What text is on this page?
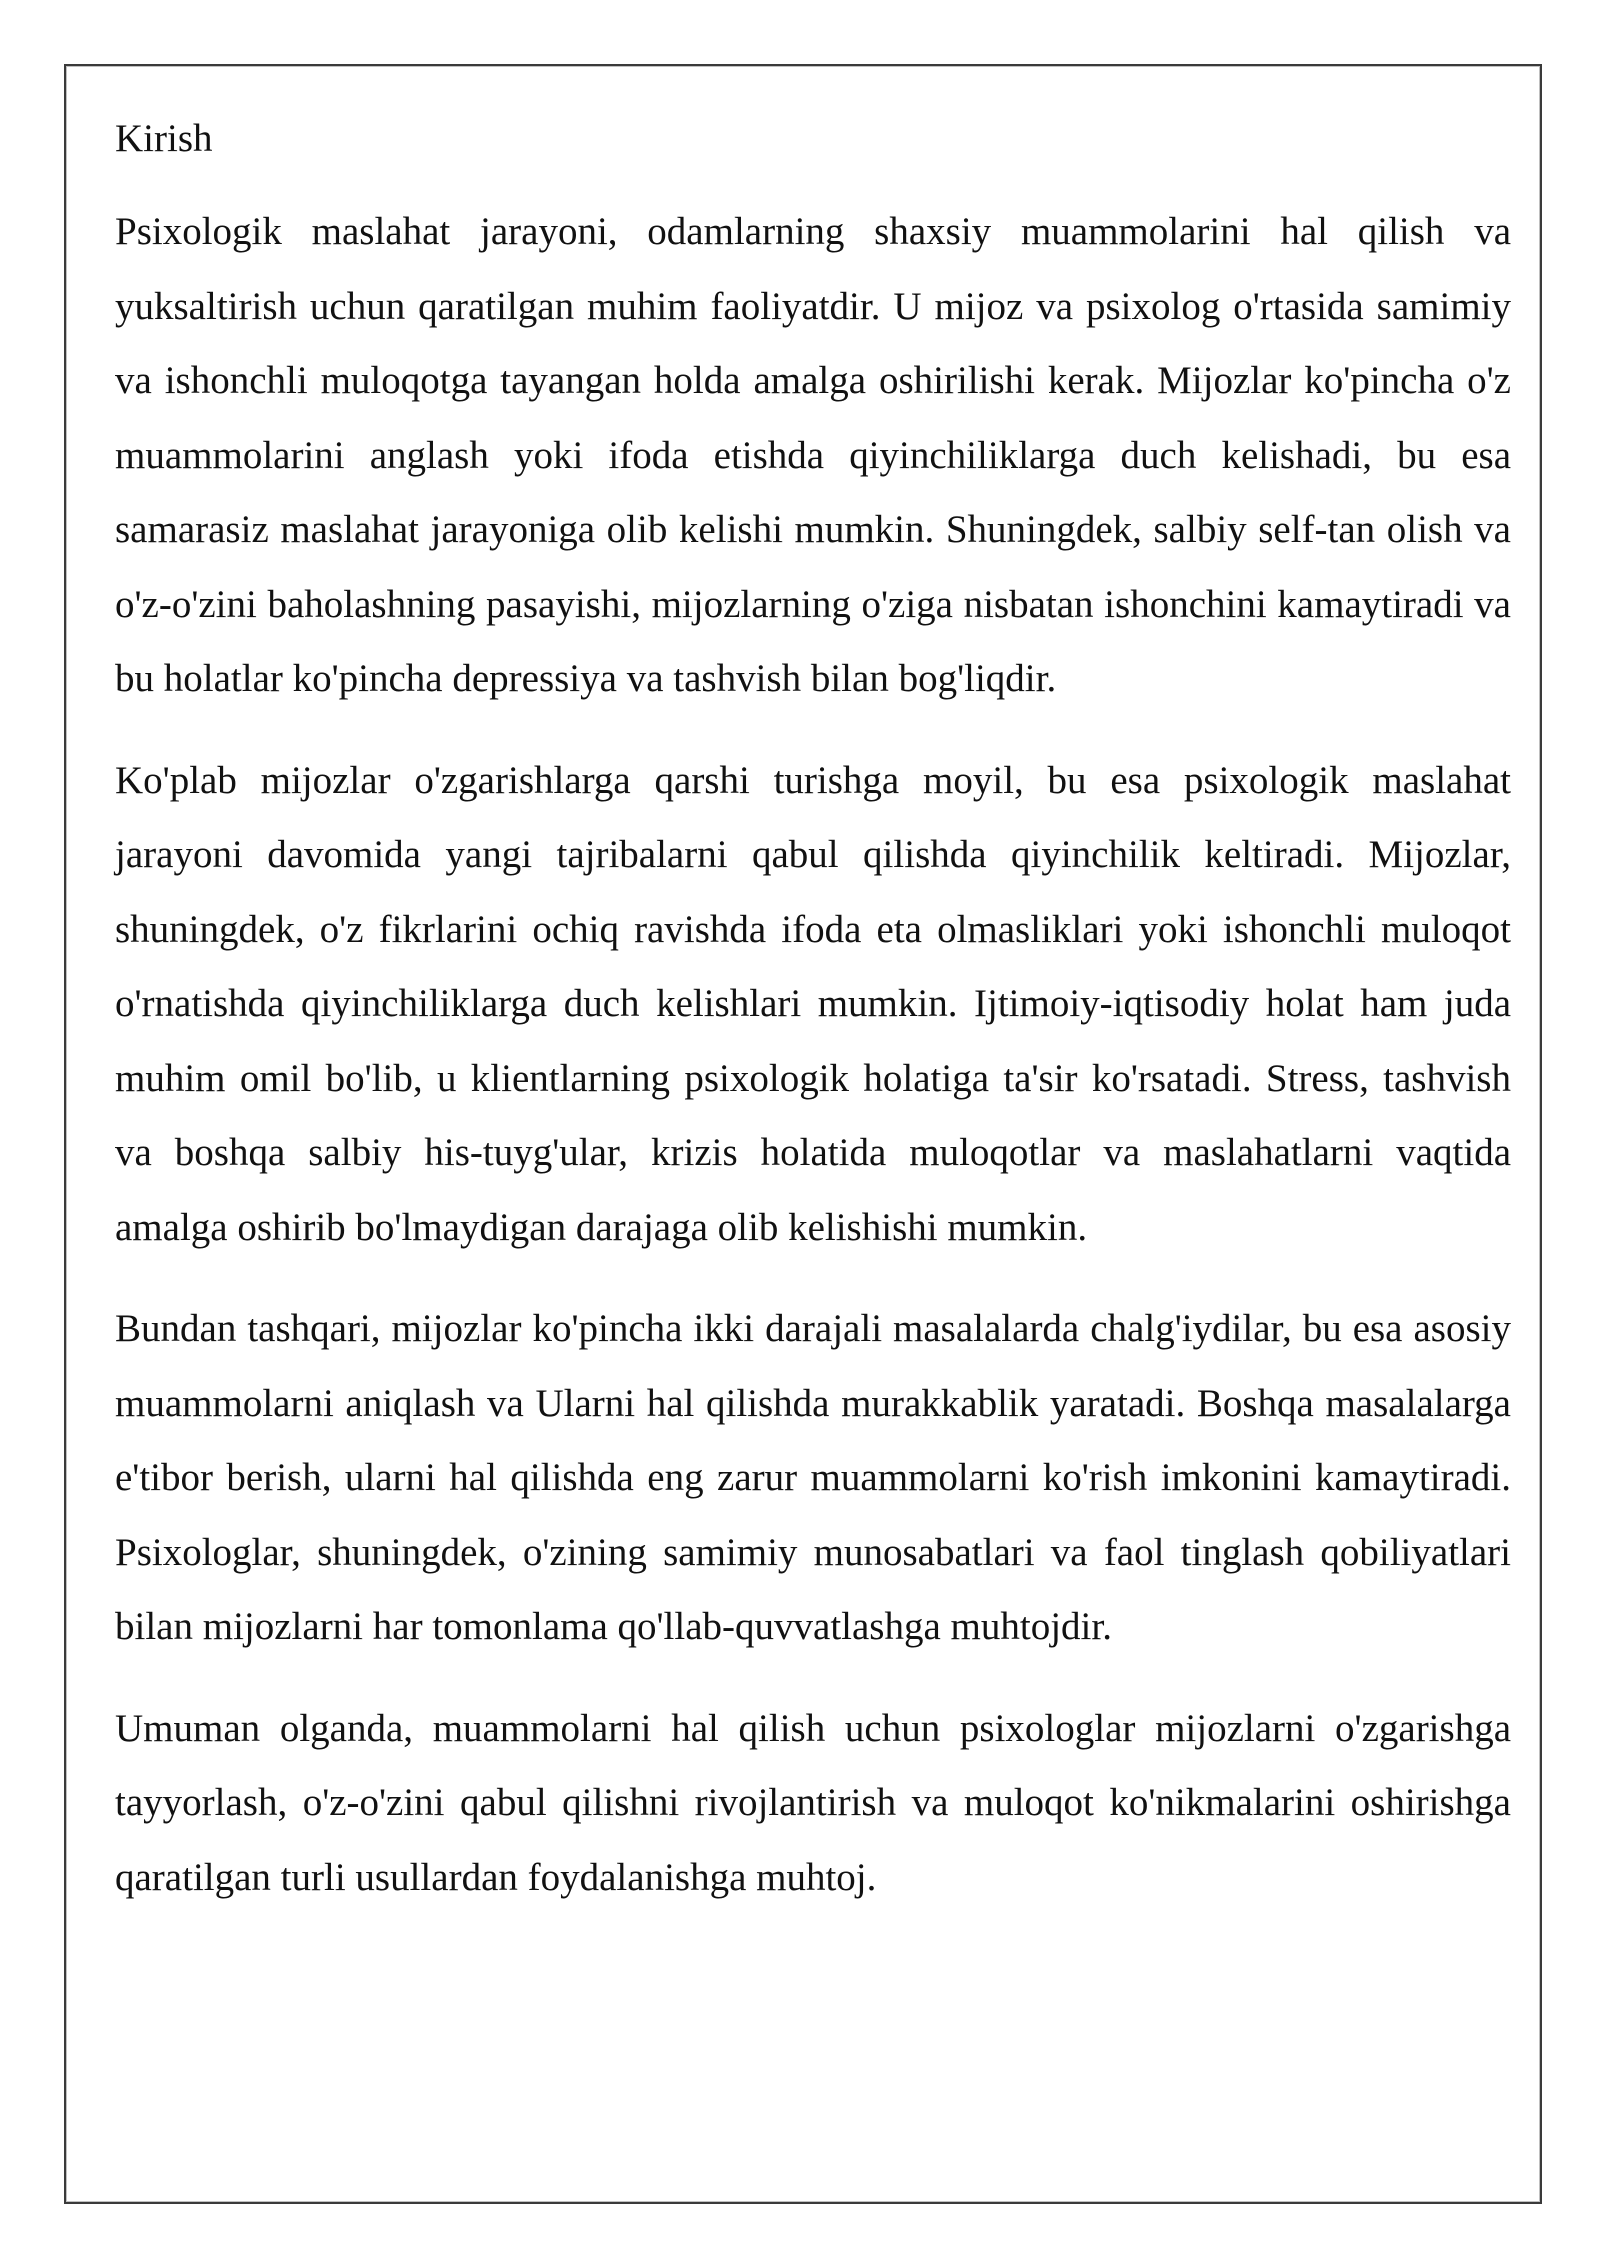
Kirish

Psixologik maslahat jarayoni, odamlarning shaxsiy muammolarini hal qilish va yuksaltirish uchun qaratilgan muhim faoliyatdir. U mijoz va psixolog o'rtasida samimiy va ishonchli muloqotga tayangan holda amalga oshirilishi kerak. Mijozlar ko'pincha o'z muammolarini anglash yoki ifoda etishda qiyinchiliklarga duch kelishadi, bu esa samarasiz maslahat jarayoniga olib kelishi mumkin. Shuningdek, salbiy self-tan olish va o'z-o'zini baholashning pasayishi, mijozlarning o'ziga nisbatan ishonchini kamaytiradi va bu holatlar ko'pincha depressiya va tashvish bilan bog'liqdir.

Ko'plab mijozlar o'zgarishlarga qarshi turishga moyil, bu esa psixologik maslahat jarayoni davomida yangi tajribalarni qabul qilishda qiyinchilik keltiradi. Mijozlar, shuningdek, o'z fikrlarini ochiq ravishda ifoda eta olmasliklari yoki ishonchli muloqot o'rnatishda qiyinchiliklarga duch kelishlari mumkin. Ijtimoiy-iqtisodiy holat ham juda muhim omil bo'lib, u klientlarning psixologik holatiga ta'sir ko'rsatadi. Stress, tashvish va boshqa salbiy his-tuyg'ular, krizis holatida muloqotlar va maslahatlarni vaqtida amalga oshirib bo'lmaydigan darajaga olib kelishishi mumkin.

Bundan tashqari, mijozlar ko'pincha ikki darajali masalalarda chalg'iydilar, bu esa asosiy muammolarni aniqlash va Ularni hal qilishda murakkablik yaratadi. Boshqa masalalarga e'tibor berish, ularni hal qilishda eng zarur muammolarni ko'rish imkonini kamaytiradi. Psixologlar, shuningdek, o'zining samimiy munosabatlari va faol tinglash qobiliyatlari bilan mijozlarni har tomonlama qo'llab-quvvatlashga muhtojdir.

Umuman olganda, muammolarni hal qilish uchun psixologlar mijozlarni o'zgarishga tayyorlash, o'z-o'zini qabul qilishni rivojlantirish va muloqot ko'nikmalarini oshirishga qaratilgan turli usullardan foydalanishga muhtoj.
